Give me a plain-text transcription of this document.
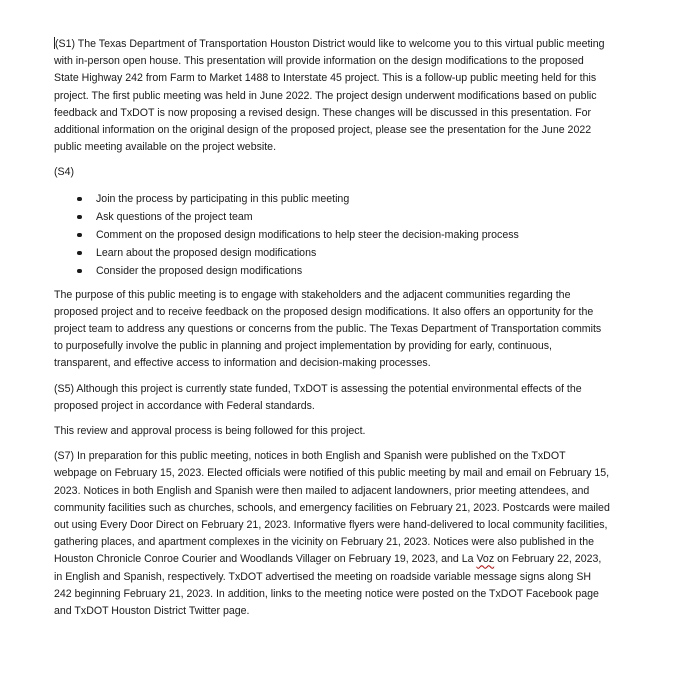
(S1) The Texas Department of Transportation Houston District would like to welcome you to this virtual public meeting with in-person open house. This presentation will provide information on the design modifications to the proposed State Highway 242 from Farm to Market 1488 to Interstate 45 project. This is a follow-up public meeting held for this project. The first public meeting was held in June 2022. The project design underwent modifications based on public feedback and TxDOT is now proposing a revised design. These changes will be discussed in this presentation. For additional information on the original design of the proposed project, please see the presentation for the June 2022 public meeting available on the project website.

(S4)

Join the process by participating in this public meeting
Ask questions of the project team
Comment on the proposed design modifications to help steer the decision-making process
Learn about the proposed design modifications
Consider the proposed design modifications

The purpose of this public meeting is to engage with stakeholders and the adjacent communities regarding the proposed project and to receive feedback on the proposed design modifications. It also offers an opportunity for the project team to address any questions or concerns from the public. The Texas Department of Transportation commits to purposefully involve the public in planning and project implementation by providing for early, continuous, transparent, and effective access to information and decision-making processes.

(S5) Although this project is currently state funded, TxDOT is assessing the potential environmental effects of the proposed project in accordance with Federal standards.

This review and approval process is being followed for this project.

(S7) In preparation for this public meeting, notices in both English and Spanish were published on the TxDOT webpage on February 15, 2023. Elected officials were notified of this public meeting by mail and email on February 15, 2023. Notices in both English and Spanish were then mailed to adjacent landowners, prior meeting attendees, and community facilities such as churches, schools, and emergency facilities on February 21, 2023. Postcards were mailed out using Every Door Direct on February 21, 2023. Informative flyers were hand-delivered to local community facilities, gathering places, and apartment complexes in the vicinity on February 21, 2023. Notices were also published in the Houston Chronicle Conroe Courier and Woodlands Villager on February 19, 2023, and La Voz on February 22, 2023, in English and Spanish, respectively. TxDOT advertised the meeting on roadside variable message signs along SH 242 beginning February 21, 2023. In addition, links to the meeting notice were posted on the TxDOT Facebook page and TxDOT Houston District Twitter page.
